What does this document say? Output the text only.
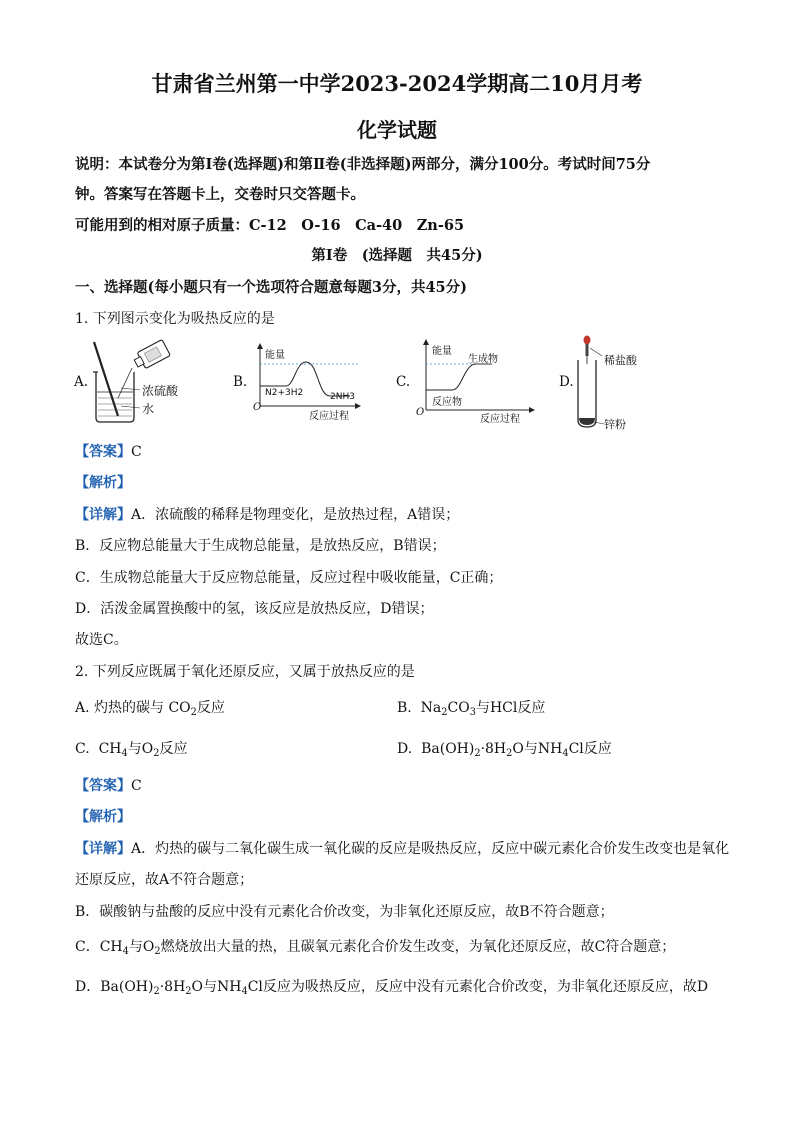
甘肃省兰州第一中学2023-2024学期高二10月月考
化学试题
说明：本试卷分为第Ⅰ卷(选择题)和第Ⅱ卷(非选择题)两部分，满分100分。考试时间75分
钟。答案写在答题卡上，交卷时只交答题卡。
可能用到的相对原子质量：C-12　O-16　Ca-40　Zn-65
第Ⅰ卷　(选择题　共45分)
一、选择题(每小题只有一个选项符合题意每题3分，共45分)
1. 下列图示变化为吸热反应的是
A.
浓硫酸
水
B.
能量
N2+3H2	2NH3
O
反应过程
C.
能量
生成物
反应物
O
反应过程
D.
稀盐酸
锌粉
【答案】C
【解析】
【详解】A．浓硫酸的稀释是物理变化，是放热过程，A错误；
B．反应物总能量大于生成物总能量，是放热反应，B错误；
C．生成物总能量大于反应物总能量，反应过程中吸收能量，C正确；
D．活泼金属置换酸中的氢，该反应是放热反应，D错误；
故选C。
2. 下列反应既属于氧化还原反应，又属于放热反应的是
A. 灼热的碳与 $CO_2$反应	B. $Na_2CO_3$与HCl反应
C. $CH_4$与$O_2$反应	D. $Ba(OH)_2\cdot 8H_2O$与$NH_4Cl$反应
【答案】C
【解析】
【详解】A．灼热的碳与二氧化碳生成一氧化碳的反应是吸热反应，反应中碳元素化合价发生改变也是氧化
还原反应，故A不符合题意；
B．碳酸钠与盐酸的反应中没有元素化合价改变，为非氧化还原反应，故B不符合题意；
C．$CH_4$与$O_2$燃烧放出大量的热，且碳氧元素化合价发生改变，为氧化还原反应，故C符合题意；
D．$Ba(OH)_2\cdot 8H_2O$与$NH_4Cl$反应为吸热反应，反应中没有元素化合价改变，为非氧化还原反应，故D
